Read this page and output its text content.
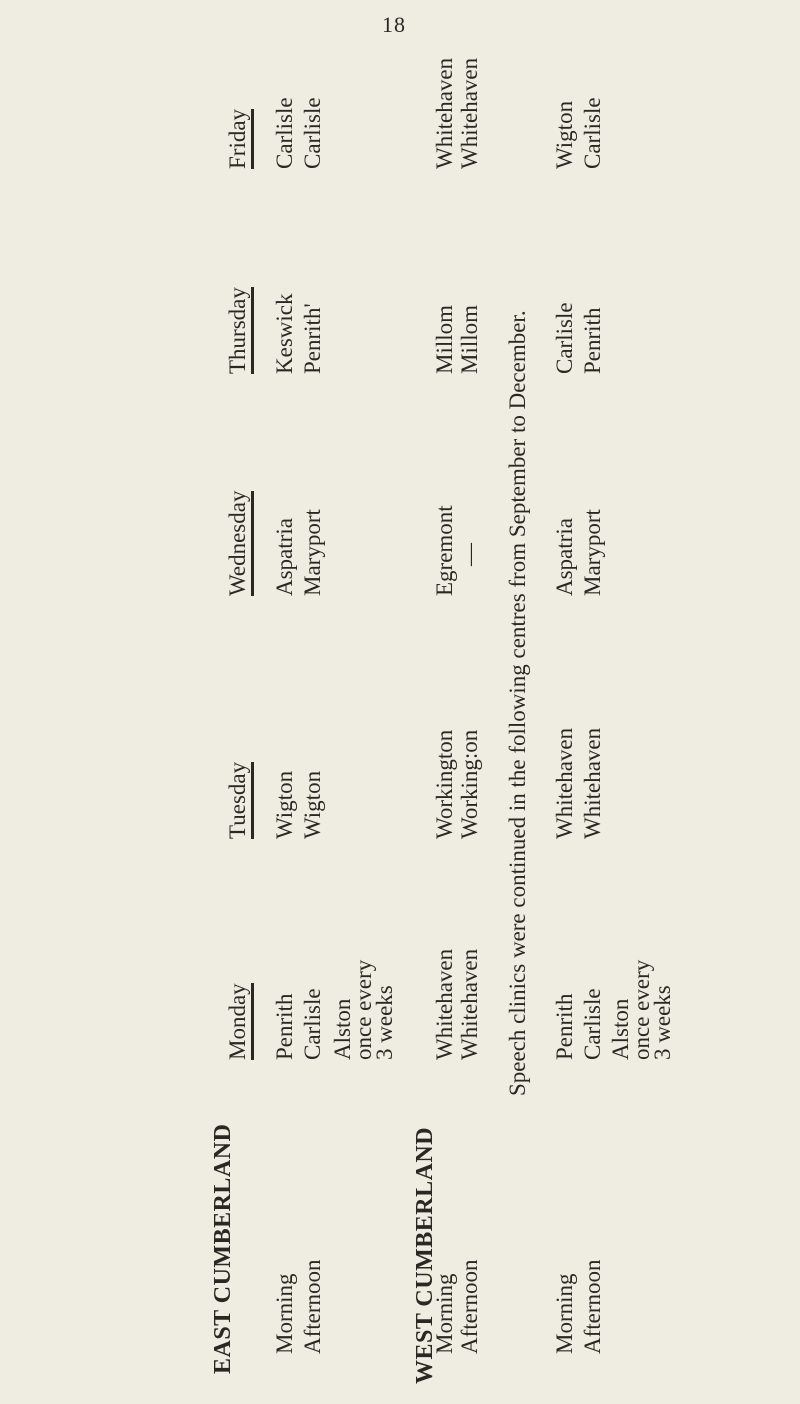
18
Monday
Tuesday
Wednesday
Thursday
Friday
EAST CUMBERLAND Morning Afternoon
Penrith
Wigton
Aspatria
Keswick
Carlisle
Carlisle
Wigton
Maryport
Penrith'
Carlisle
Alston
once every
3 weeks
WEST CUMBERLAND
Morning Afternoon
Whitehaven
Workington
Egremont
Millom
Whitehaven
Whitehaven
Working:on
—
Millom
Whitehaven
Speech clinics were continued in the following centres from September to December.
Morning Afternoon
Penrith
Whitehaven
Aspatria
Carlisle
Wigton
Carlisle
Whitehaven
Maryport
Penrith
Carlisle
Alston
once every
3 weeks
